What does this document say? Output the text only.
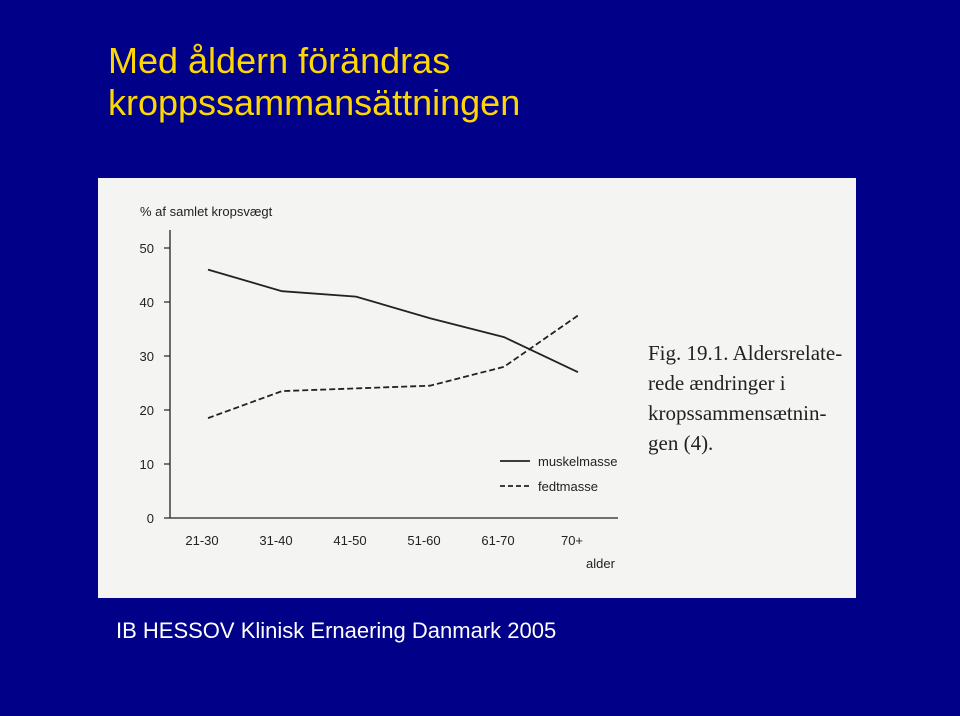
Med åldern förändras
kroppssammansättningen
% af samlet kropsvægt
0
10
20
30
40
50
21-30	31-40	41-50	51-60	61-70	70+
alder
muskelmasse
fedtmasse
Fig. 19.1. Aldersrelate-
rede ændringer i
kropssammensætnin-
gen (4).
IB HESSOV Klinisk Ernaering Danmark 2005
